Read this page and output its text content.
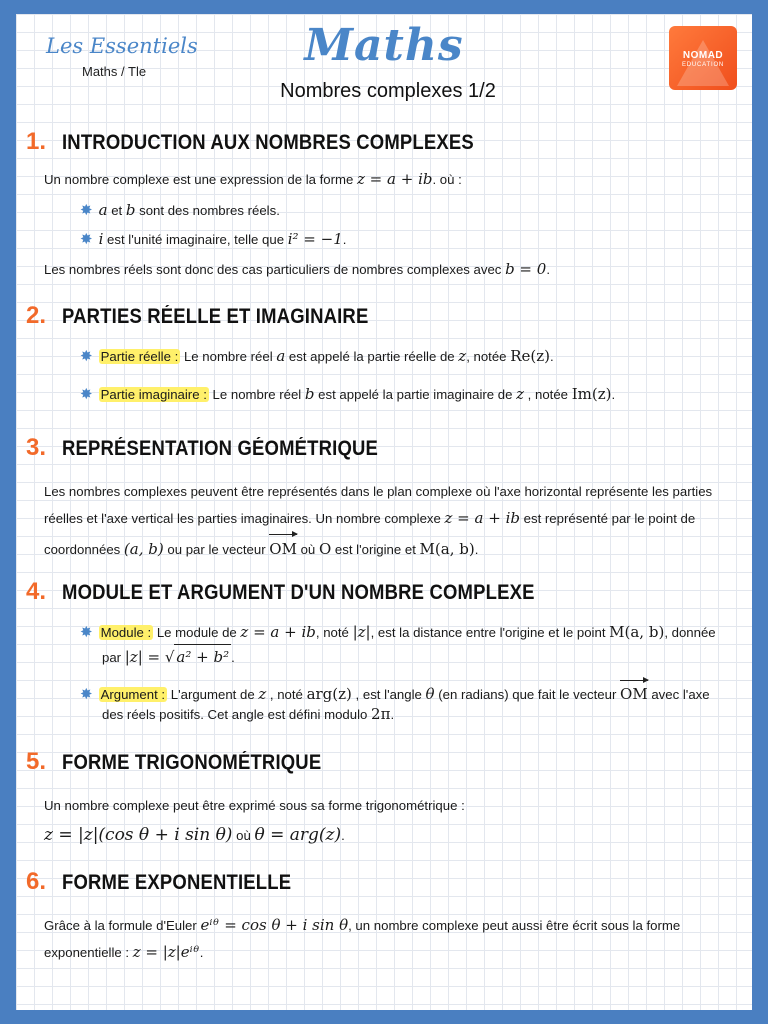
Les Essentiels
Maths / Tle
Maths
Nombres complexes 1/2
NOMAD
EDUCATION
1. INTRODUCTION AUX NOMBRES COMPLEXES
Un nombre complexe est une expression de la forme z = a + ib. où :
✸ a et b sont des nombres réels.
✸ i est l'unité imaginaire, telle que i² = −1.
Les nombres réels sont donc des cas particuliers de nombres complexes avec b = 0.
2. PARTIES RÉELLE ET IMAGINAIRE
✸ Partie réelle : Le nombre réel a est appelé la partie réelle de z, notée Re(z).
✸ Partie imaginaire : Le nombre réel b est appelé la partie imaginaire de z , notée Im(z).
3. REPRÉSENTATION GÉOMÉTRIQUE
Les nombres complexes peuvent être représentés dans le plan complexe où l'axe horizontal représente les parties
réelles et l'axe vertical les parties imaginaires. Un nombre complexe z = a + ib est représenté par le point de
coordonnées (a, b) ou par le vecteur OM où O est l'origine et M(a, b).
4. MODULE ET ARGUMENT D'UN NOMBRE COMPLEXE
✸ Module : Le module de z = a + ib, noté |z|, est la distance entre l'origine et le point M(a, b), donnée
par |z| = √ a² + b² .
✸ Argument : L'argument de z , noté arg(z) , est l'angle θ (en radians) que fait le vecteur OM avec l'axe
des réels positifs. Cet angle est défini modulo 2π.
5. FORME TRIGONOMÉTRIQUE
Un nombre complexe peut être exprimé sous sa forme trigonométrique :
z = |z|(cos θ + i sin θ) où θ = arg(z).
6. FORME EXPONENTIELLE
Grâce à la formule d'Euler eⁱᶿ = cos θ + i sin θ, un nombre complexe peut aussi être écrit sous la forme
exponentielle : z = |z|eⁱᶿ.
